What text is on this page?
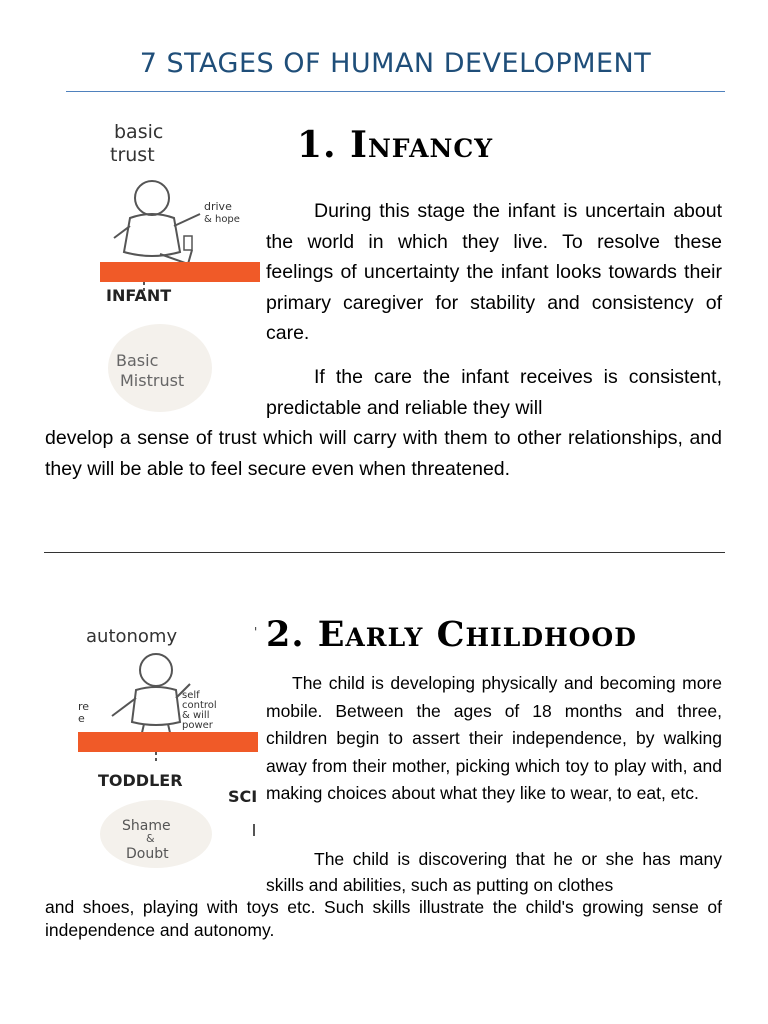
7 STAGES OF HUMAN DEVELOPMENT
basic
trust
drive
& hope
INFANT
Basic
Mistrust
1. Infancy

During this stage the infant is uncertain about the world in which they live. To resolve these feelings of uncertainty the infant looks towards their primary caregiver for stability and consistency of care.

If the care the infant receives is consistent, predictable and reliable they will

develop a sense of trust which will carry with them to other relationships, and they will be able to feel secure even when threatened.

autonomy	'
self
control
& will
power
re
e
TODDLER
SCI
Shame
&
Doubt
2. Early Childhood

The child is developing physically and becoming more mobile. Between the ages of 18 months and three, children begin to assert their independence, by walking away from their mother, picking which toy to play with, and making choices about what they like to wear, to eat, etc.

The child is discovering that he or she has many skills and abilities, such as putting on clothes

and shoes, playing with toys etc. Such skills illustrate the child's growing sense of independence and autonomy.
